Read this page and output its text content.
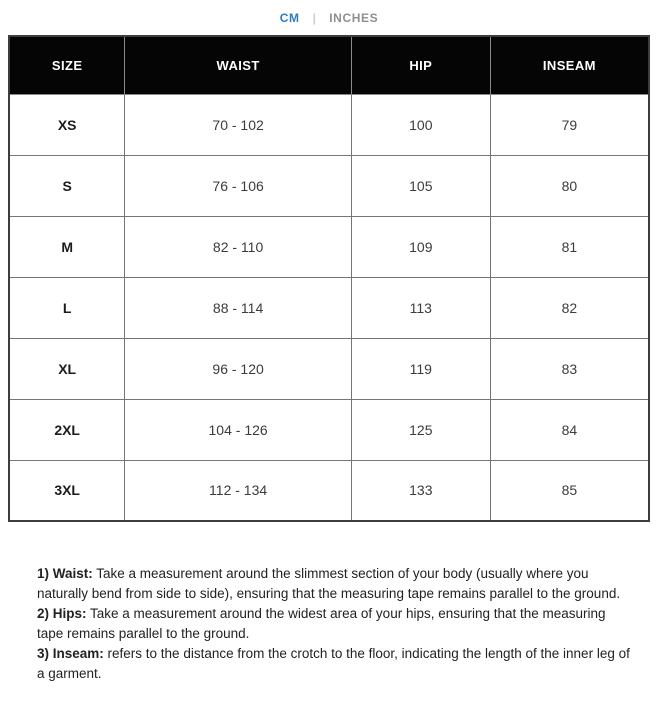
CM | INCHES
SIZE	WAIST	HIP	INSEAM
XS	70 - 102	100	79
S	76 - 106	105	80
M	82 - 110	109	81
L	88 - 114	113	82
XL	96 - 120	119	83
2XL	104 - 126	125	84
3XL	112 - 134	133	85

1) Waist: Take a measurement around the slimmest section of your body (usually where you naturally bend from side to side), ensuring that the measuring tape remains parallel to the ground.

2) Hips: Take a measurement around the widest area of your hips, ensuring that the measuring tape remains parallel to the ground.

3) Inseam: refers to the distance from the crotch to the floor, indicating the length of the inner leg of a garment.
